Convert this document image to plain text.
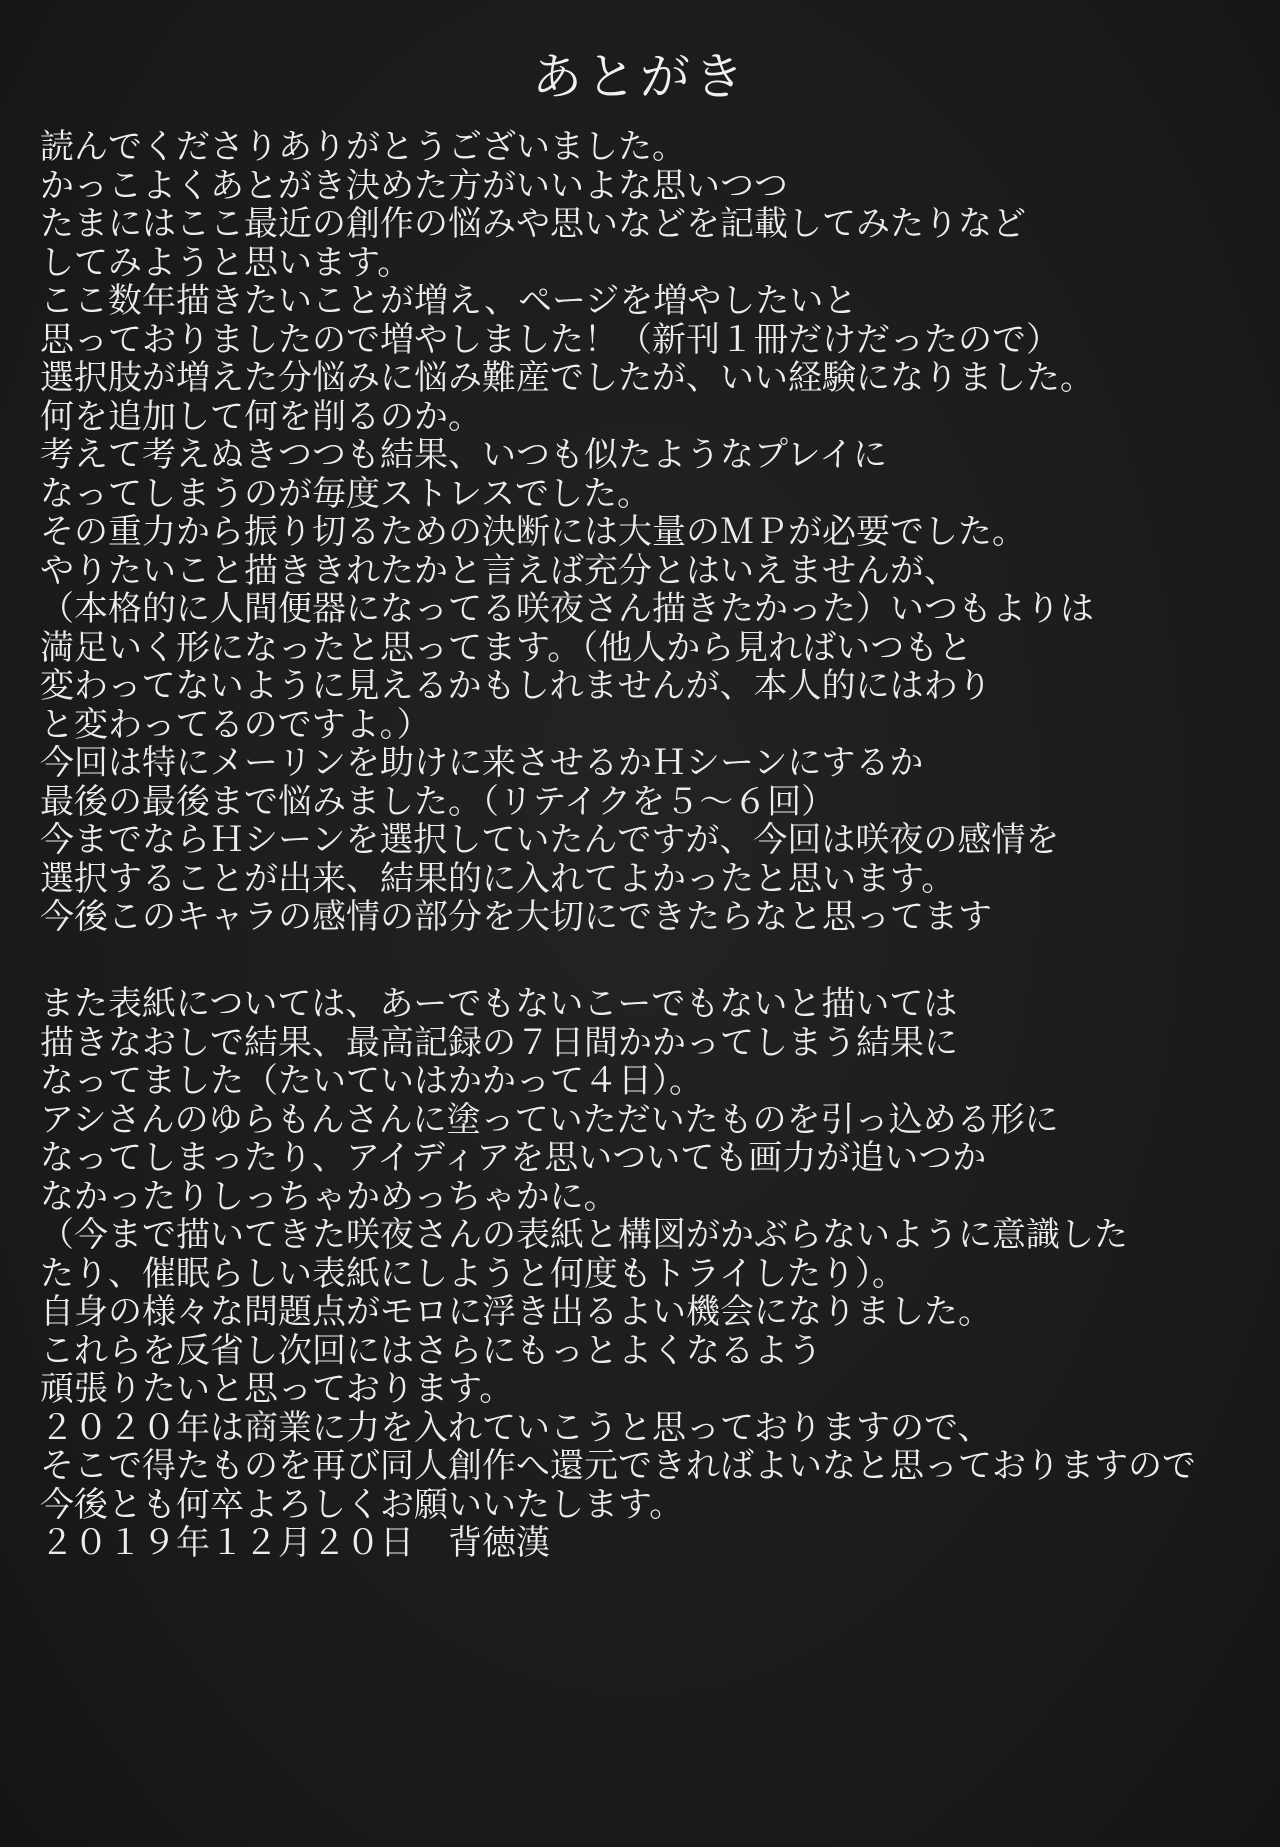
あとがき
読んでくださりありがとうございました。
かっこよくあとがき決めた方がいいよな思いつつ
たまにはここ最近の創作の悩みや思いなどを記載してみたりなど
してみようと思います。
ここ数年描きたいことが増え、ページを増やしたいと
思っておりましたので増やしました！（新刊１冊だけだったので）
選択肢が増えた分悩みに悩み難産でしたが、いい経験になりました。
何を追加して何を削るのか。
考えて考えぬきつつも結果、いつも似たようなプレイに
なってしまうのが毎度ストレスでした。
その重力から振り切るための決断には大量のＭＰが必要でした。
やりたいこと描ききれたかと言えば充分とはいえませんが、
（本格的に人間便器になってる咲夜さん描きたかった）いつもよりは
満足いく形になったと思ってます。（他人から見ればいつもと
変わってないように見えるかもしれませんが、本人的にはわり
と変わってるのですよ。）
今回は特にメーリンを助けに来させるかＨシーンにするか
最後の最後まで悩みました。（リテイクを５～６回）
今までならＨシーンを選択していたんですが、今回は咲夜の感情を
選択することが出来、結果的に入れてよかったと思います。
今後このキャラの感情の部分を大切にできたらなと思ってます
また表紙については、あーでもないこーでもないと描いては
描きなおしで結果、最高記録の７日間かかってしまう結果に
なってました（たいていはかかって４日）。
アシさんのゆらもんさんに塗っていただいたものを引っ込める形に
なってしまったり、アイディアを思いついても画力が追いつか
なかったりしっちゃかめっちゃかに。
（今まで描いてきた咲夜さんの表紙と構図がかぶらないように意識した
たり、催眠らしい表紙にしようと何度もトライしたり）。
自身の様々な問題点がモロに浮き出るよい機会になりました。
これらを反省し次回にはさらにもっとよくなるよう
頑張りたいと思っております。
２０２０年は商業に力を入れていこうと思っておりますので、
そこで得たものを再び同人創作へ還元できればよいなと思っておりますので
今後とも何卒よろしくお願いいたします。
２０１９年１２月２０日　背徳漢
